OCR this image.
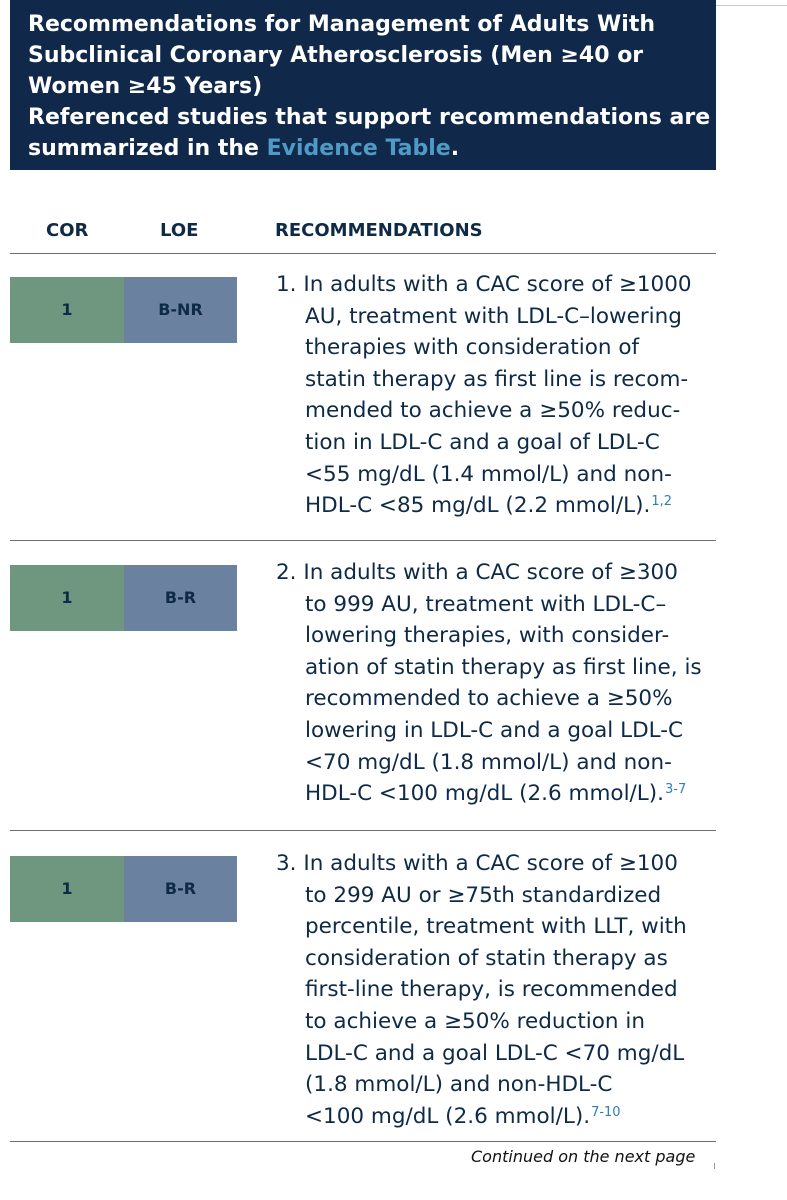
Recommendations for Management of Adults With
Subclinical Coronary Atherosclerosis (Men ≥40 or
Women ≥45 Years)
Referenced studies that support recommendations are
summarized in the Evidence Table.
COR	LOE	RECOMMENDATIONS
1	B-NR
1. In adults with a CAC score of ≥1000
AU, treatment with LDL-C–lowering
therapies with consideration of
statin therapy as first line is recom-
mended to achieve a ≥50% reduc-
tion in LDL-C and a goal of LDL-C
<55 mg/dL (1.4 mmol/L) and non-
HDL-C <85 mg/dL (2.2 mmol/L).$^{1,2}$
1	B-R
2. In adults with a CAC score of ≥300
to 999 AU, treatment with LDL-C–
lowering therapies, with consider-
ation of statin therapy as first line, is
recommended to achieve a ≥50%
lowering in LDL-C and a goal LDL-C
<70 mg/dL (1.8 mmol/L) and non-
HDL-C <100 mg/dL (2.6 mmol/L).$^{3-7}$
1	B-R
3. In adults with a CAC score of ≥100
to 299 AU or ≥75th standardized
percentile, treatment with LLT, with
consideration of statin therapy as
first-line therapy, is recommended
to achieve a ≥50% reduction in
LDL-C and a goal LDL-C <70 mg/dL
(1.8 mmol/L) and non-HDL-C
<100 mg/dL (2.6 mmol/L).$^{7-10}$
Continued on the next page
